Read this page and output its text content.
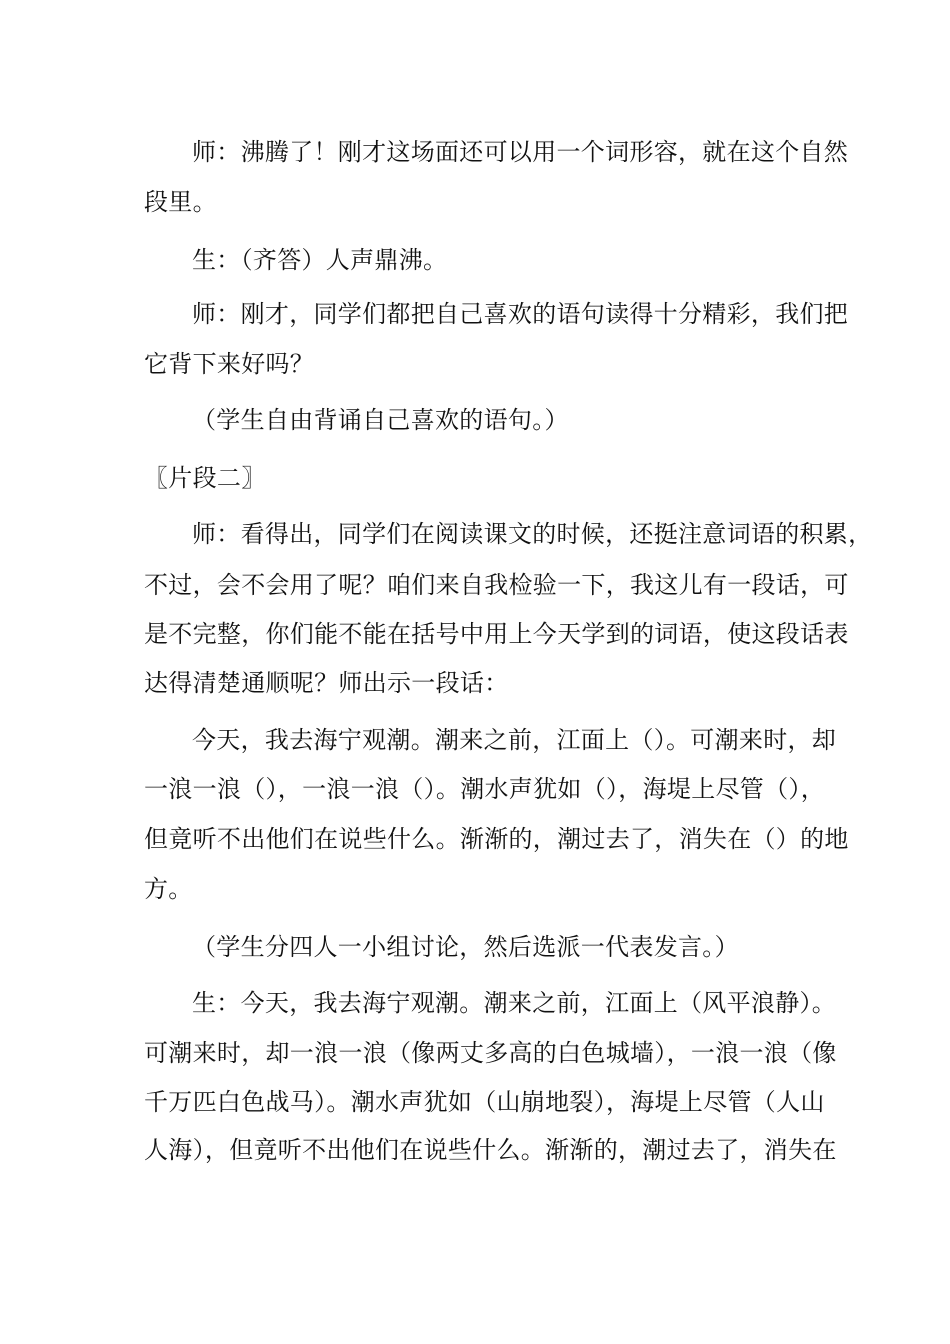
师：沸腾了！刚才这场面还可以用一个词形容，就在这个自然

段里。

生：（齐答）人声鼎沸。

师：刚才，同学们都把自己喜欢的语句读得十分精彩，我们把

它背下来好吗？

（学生自由背诵自己喜欢的语句。）

〖片段二〗

师：看得出，同学们在阅读课文的时候，还挺注意词语的积累，

不过，会不会用了呢？咱们来自我检验一下，我这儿有一段话，可

是不完整，你们能不能在括号中用上今天学到的词语，使这段话表

达得清楚通顺呢？师出示一段话：

今天，我去海宁观潮。潮来之前，江面上（）。可潮来时，却

一浪一浪（），一浪一浪（）。潮水声犹如（），海堤上尽管（），

但竟听不出他们在说些什么。渐渐的，潮过去了，消失在（）的地

方。

（学生分四人一小组讨论，然后选派一代表发言。）

生：今天，我去海宁观潮。潮来之前，江面上（风平浪静）。

可潮来时，却一浪一浪（像两丈多高的白色城墙），一浪一浪（像

千万匹白色战马）。潮水声犹如（山崩地裂），海堤上尽管（人山

人海），但竟听不出他们在说些什么。渐渐的，潮过去了，消失在
